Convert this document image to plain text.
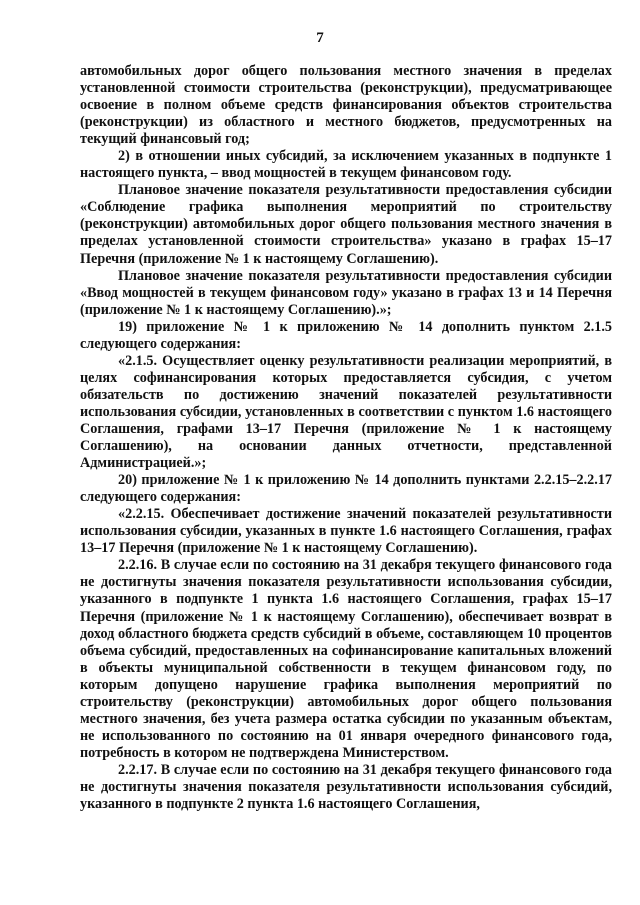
7

автомобильных дорог общего пользования местного значения в пределах установленной стоимости строительства (реконструкции), предусматривающее освоение в полном объеме средств финансирования объектов строительства (реконструкции) из областного и местного бюджетов, предусмотренных на текущий финансовый год;

2) в отношении иных субсидий, за исключением указанных в подпункте 1 настоящего пункта, – ввод мощностей в текущем финансовом году.

Плановое значение показателя результативности предоставления субсидии «Соблюдение графика выполнения мероприятий по строительству (реконструкции) автомобильных дорог общего пользования местного значения в пределах установленной стоимости строительства» указано в графах 15–17 Перечня (приложение № 1 к настоящему Соглашению).

Плановое значение показателя результативности предоставления субсидии «Ввод мощностей в текущем финансовом году» указано в графах 13 и 14 Перечня (приложение № 1 к настоящему Соглашению).»;

19) приложение № 1 к приложению № 14 дополнить пунктом 2.1.5 следующего содержания:

«2.1.5. Осуществляет оценку результативности реализации мероприятий, в целях софинансирования которых предоставляется субсидия, с учетом обязательств по достижению значений показателей результативности использования субсидии, установленных в соответствии с пунктом 1.6 настоящего Соглашения, графами 13–17 Перечня (приложение № 1 к настоящему Соглашению), на основании данных отчетности, представленной Администрацией.»;

20) приложение № 1 к приложению № 14 дополнить пунктами 2.2.15–2.2.17 следующего содержания:

«2.2.15. Обеспечивает достижение значений показателей результативности использования субсидии, указанных в пункте 1.6 настоящего Соглашения, графах 13–17 Перечня (приложение № 1 к настоящему Соглашению).

2.2.16. В случае если по состоянию на 31 декабря текущего финансового года не достигнуты значения показателя результативности использования субсидии, указанного в подпункте 1 пункта 1.6 настоящего Соглашения, графах 15–17 Перечня (приложение № 1 к настоящему Соглашению), обеспечивает возврат в доход областного бюджета средств субсидий в объеме, составляющем 10 процентов объема субсидий, предоставленных на софинансирование капитальных вложений в объекты муниципальной собственности в текущем финансовом году, по которым допущено нарушение графика выполнения мероприятий по строительству (реконструкции) автомобильных дорог общего пользования местного значения, без учета размера остатка субсидии по указанным объектам, не использованного по состоянию на 01 января очередного финансового года, потребность в котором не подтверждена Министерством.

2.2.17. В случае если по состоянию на 31 декабря текущего финансового года не достигнуты значения показателя результативности использования субсидий, указанного в подпункте 2 пункта 1.6 настоящего Соглашения,
